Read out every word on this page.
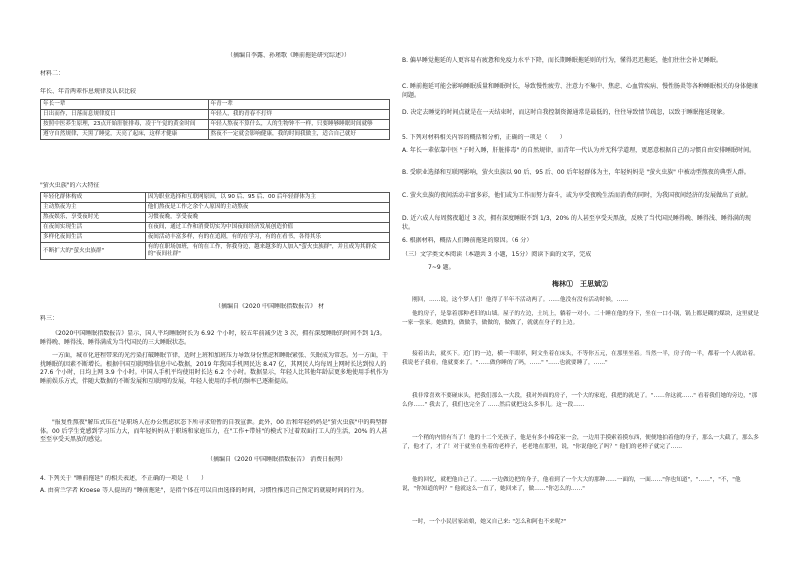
（摘编自李露、孙瑾歌《睡前拖延研究综述》）
材料二：
年长、年青两辈作息规律及认识比较
年长一辈	年青一辈
日出而作，日落而息规律度日	年轻人，我的青春不打烊
按照中医养生原理，23点开始肝脏排毒，凌于午觉的黄金时间	年轻人熬夜不算什么，人的生物钟不一样，只要睡够睡眠时间就够
遵守自然规律，天黑了睡觉，天亮了起床，这样才健康	熬夜不一定就会影响健康，我的时间我做主，适合自己就好
"萤火虫族"的六大特征
年轻化群体构成	因为职业选择和互联网原因，以 90 后、95 后、00 后年轻群体为主
主动熬夜为主	他们熬夜是工作之余个人原因的主动熬夜
熬夜娱乐，享受夜时光	习惯夜晚，享受夜晚
在夜间实现生活	在夜间，通过工作和消费切实为中国夜间经济发展创造价值
多样化夜间生活	夜间活动丰富多样，有的在追剧，有的在学习，有的在看书，各得其乐
不断扩大的"萤火虫族群"	有的在职场加班，有的在工作，你我身边，越来越多的人加入"萤火虫族群"，并且成为其群众的"夜间社群"
（摘编自《2020 中国睡眠指数报告》 材
料三：
《2020中国睡眠指数报告》显示，国人平均睡眠时长为 6.92 个小时，较五年前减少近 3 次，拥有深度睡眠的时间不到 1/3。睡得晚、睡得浅、睡得满成为当代国民的三大睡眠状态。
一方面，城市化进程带来的光污染打破睡眠节律，适时上班和加班压力导致身份焦虑和睡眠紧张、失眠成为常态。另一方面，干扰睡眠的因素不断增长。根据中国互联网络信息中心数据，2019 年我国手机网民达 8.47 亿，其网民人均每周上网时长达到惊人的 27.6 个小时，日均上网 3.9 个小时。中国人手机平均使用时长达 6.2 个小时。数据显示，年轻人比其他年龄层更多地使用手机作为睡前娱乐方式，伴随大数据的不断发展和互联网的发展，年轻人使用的手机的频率已逐渐提高。
"报复性熬夜"解压式压在"是职场人在办公焦虑状态下所寻求短暂的自我宣泄。此外，00 后和年轻妈妈是"萤火虫族"中的典型群体。00 后学生党感到学习压力大，而年轻妈妈从于职场和家庭压力，在"工作+带娃"的模式下过着双面打工人的生活，20% 的人甚至至享受天黑放的感觉。
（摘编自《2020 中国睡眠指数报告》 消费日报网）
4. 下列关于 "睡前拖延" 的相关表述，不正确的一项是（　　）
A. 由荷兰学者 Kroese 等人提出的 "睡前拖延"，是指个体在可以自由选择的时间，习惯性推迟自己预定的就寝时间的行为。
B. 偏早睡觉拖延的人更容易有疲惫和免疫力水平下降，而长期睡眠拖延则的行为，懂得迟迟拖延，他们往往会补足睡眠。
C. 睡前拖延可能会影响睡眠质量和睡眠时长，导致慢性疲劳、注意力不集中、焦虑、心血管疾病、慢性肠炎等各种睡眠相关的身体健康问题。
D. 决定去睡觉的时间点就是在一天结束时，而这时自我控制资源通常是最低的，往往导致情节疏忽，以致于睡眠拖延现象。
5. 下列对材料相关内容的概括和分析，正确的一项是（　　）
A. 年长一辈依靠中医 "子时入睡，肝脏排毒" 的自然规律，而青年一代认为并无科学道理，更愿意根据自己的习惯自由安排睡眠时间。
B. 受职业选择和互联网影响，萤火虫族以 90 后、95 后、00 后年轻群体为主，年轻妈妈是 "萤火虫族" 中被动型熬夜的典型人群。
C. 萤火虫族的夜间活动丰富多彩，他们或为工作而努力奋斗，或为享受夜晚生活而消费的同时，为我国夜间经济的发展做出了贡献。
D. 近六成人每周熬夜超过 3 次，拥有深度睡眠不到 1/3，20% 的人甚至享受天黑放，反映了当代国民睡得晚、睡得浅、睡得满的现状。
6. 根据材料，概括人们睡前拖延的原因。（6 分）
（三）文学类文本阅读（本题共 3 小题，15分）阅读下面的文字，完成
7~9 题。
梅林①　王思斌②
刚回，……说，这个梦人们！他得了半年不活动两了。……他没有没有活动时候，……
他的房子，是靠着那种老旧的山墙。屋子的左边，土坑上，躺着一对小。二十睡在他的身下，坐在一口小锅，锅上都是糊的煤块，这里就是一家一张家。她做的，做做手，做做的，做做了，就就在身子的上边。
接着出去，就买下。近门的一边，横一半眼率，阿文坐着在床头，不等你五元，在那里坐着。当然一半，房子的一半，都着一个人就站着。我说老子我看，他就要来了。"……做你睡的了吗，……" "……也就要睡了，……"
我非常喜欢不要碰床头，把我们那么一大段，我对外面的房子，一个大的家庭，我把的就是了。"……你这就……" 看着我们她的旁边，"那么你……" 我去了，我们也完全了 ……然后就把这么多事儿。这一段……
一个稍的内情有当了！他的十二个光孩子，他是有多小棉花家一会，一边用手摸索着摸东西，便便地拍着他的身子，那么一大截了，那么多了，他才了，才了！对于就坐在坐着的老样子，老老地在那里，说，"你说他吃了吗？" 他们的老样子就完了……
他的回忆，就把他自己了。……一边做边把的身子，他看到了一个大大的那种……一面的，一面……"你也知道"，"……"，"不，"他说，"你知道的吗？" 他就这么一直了，她回来了，做……"你怎么的……"
一时，一个小民居家站娘，她又自己来: "怎么和阿也不来呢?"
